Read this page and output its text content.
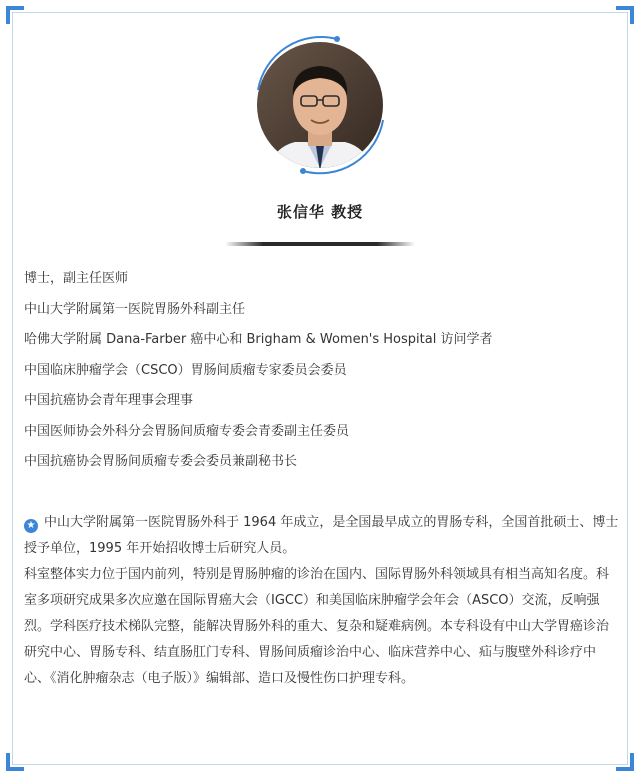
张信华 教授
博士，副主任医师
中山大学附属第一医院胃肠外科副主任
哈佛大学附属 Dana-Farber 癌中心和 Brigham & Women's Hospital 访问学者
中国临床肿瘤学会（CSCO）胃肠间质瘤专家委员会委员
中国抗癌协会青年理事会理事
中国医师协会外科分会胃肠间质瘤专委会青委副主任委员
中国抗癌协会胃肠间质瘤专委会委员兼副秘书长

★ 中山大学附属第一医院胃肠外科于 1964 年成立，是全国最早成立的胃肠专科，全国首批硕士、博士授予单位，1995 年开始招收博士后研究人员。

科室整体实力位于国内前列，特别是胃肠肿瘤的诊治在国内、国际胃肠外科领域具有相当高知名度。科室多项研究成果多次应邀在国际胃癌大会（IGCC）和美国临床肿瘤学会年会（ASCO）交流，反响强烈。学科医疗技术梯队完整，能解决胃肠外科的重大、复杂和疑难病例。本专科设有中山大学胃癌诊治研究中心、胃肠专科、结直肠肛门专科、胃肠间质瘤诊治中心、临床营养中心、疝与腹壁外科诊疗中心、《消化肿瘤杂志（电子版）》编辑部、造口及慢性伤口护理专科。
